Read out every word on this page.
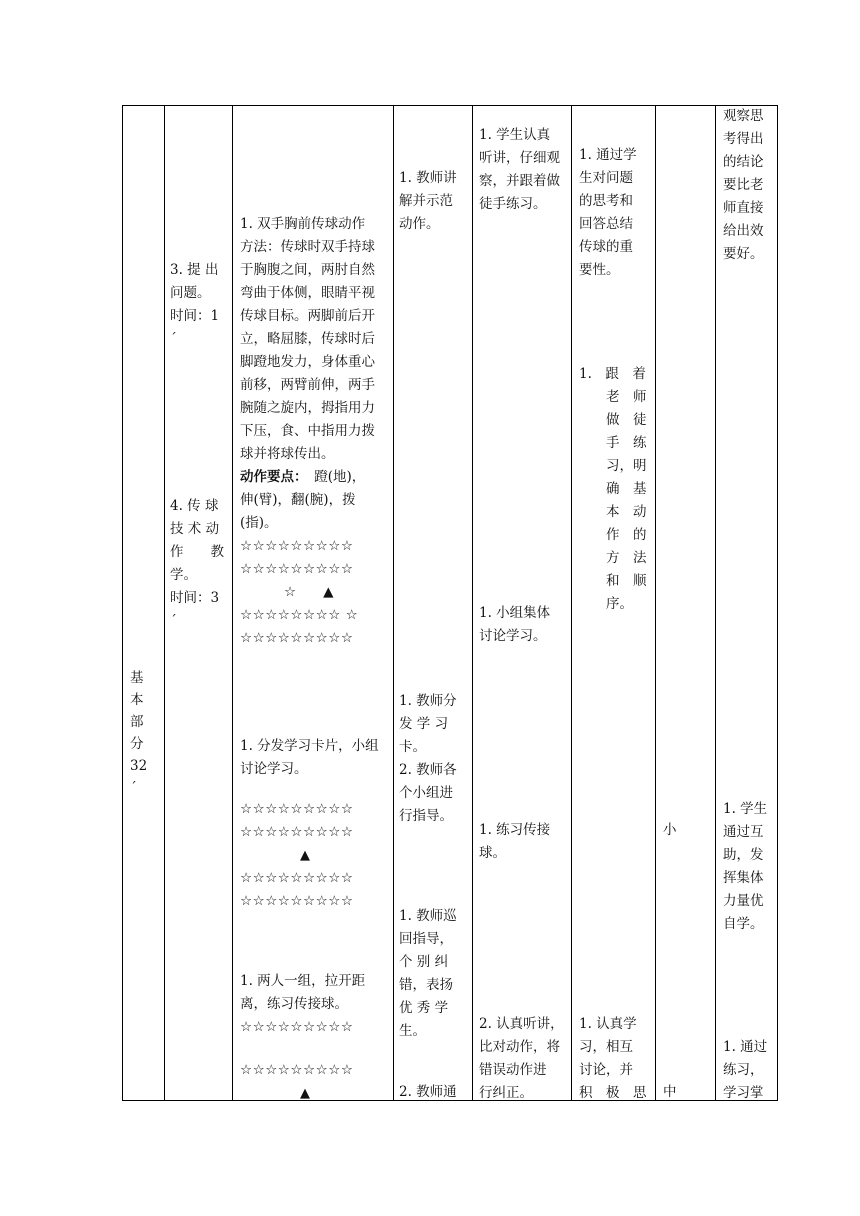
基
本
部
分
32
´
3. 提 出
问题。
时间：1
´
4. 传 球
技 术 动
作　　教
学。
时间：3
´
1. 双手胸前传球动作
方法：传球时双手持球
于胸腹之间，两肘自然
弯曲于体侧，眼睛平视
传球目标。两脚前后开
立，略屈膝，传球时后
脚蹬地发力，身体重心
前移，两臂前伸，两手
腕随之旋内，拇指用力
下压，食、中指用力拨
球并将球传出。
动作要点：　蹬(地)，
伸(臂)，翻(腕)，拨
(指)。
☆☆☆☆☆☆☆☆☆
☆☆☆☆☆☆☆☆☆
☆　　▲
☆☆☆☆☆☆☆☆ ☆
☆☆☆☆☆☆☆☆☆
1. 分发学习卡片，小组
讨论学习。
☆☆☆☆☆☆☆☆☆
☆☆☆☆☆☆☆☆☆
▲
☆☆☆☆☆☆☆☆☆
☆☆☆☆☆☆☆☆☆
1. 两人一组，拉开距
离，练习传接球。
☆☆☆☆☆☆☆☆☆
☆☆☆☆☆☆☆☆☆
▲
1. 教师讲
解并示范
动作。
1. 教师分
发 学 习
卡。
2. 教师各
个小组进
行指导。
1. 教师巡
回指导，
个 别 纠
错，表扬
优 秀 学
生。
2. 教师通
1. 学生认真
听讲，仔细观
察，并跟着做
徒手练习。
1. 小组集体
讨论学习。
1. 练习传接
球。
2. 认真听讲，
比对动作，将
错误动作进
行纠正。
1. 通过学
生对问题
的思考和
回答总结
传球的重
要性。
1.　跟　着
老　师
做　徒
手　练
习，明
确　基
本　动
作　的
方　法
和　顺
序。
1. 认真学
习，相互
讨论，并
积　极　思
小
中
观察思
考得出
的结论
要比老
师直接
给出效
要好。
1. 学生
通过互
助，发
挥集体
力量优
自学。
1. 通过
练习，
学习掌
